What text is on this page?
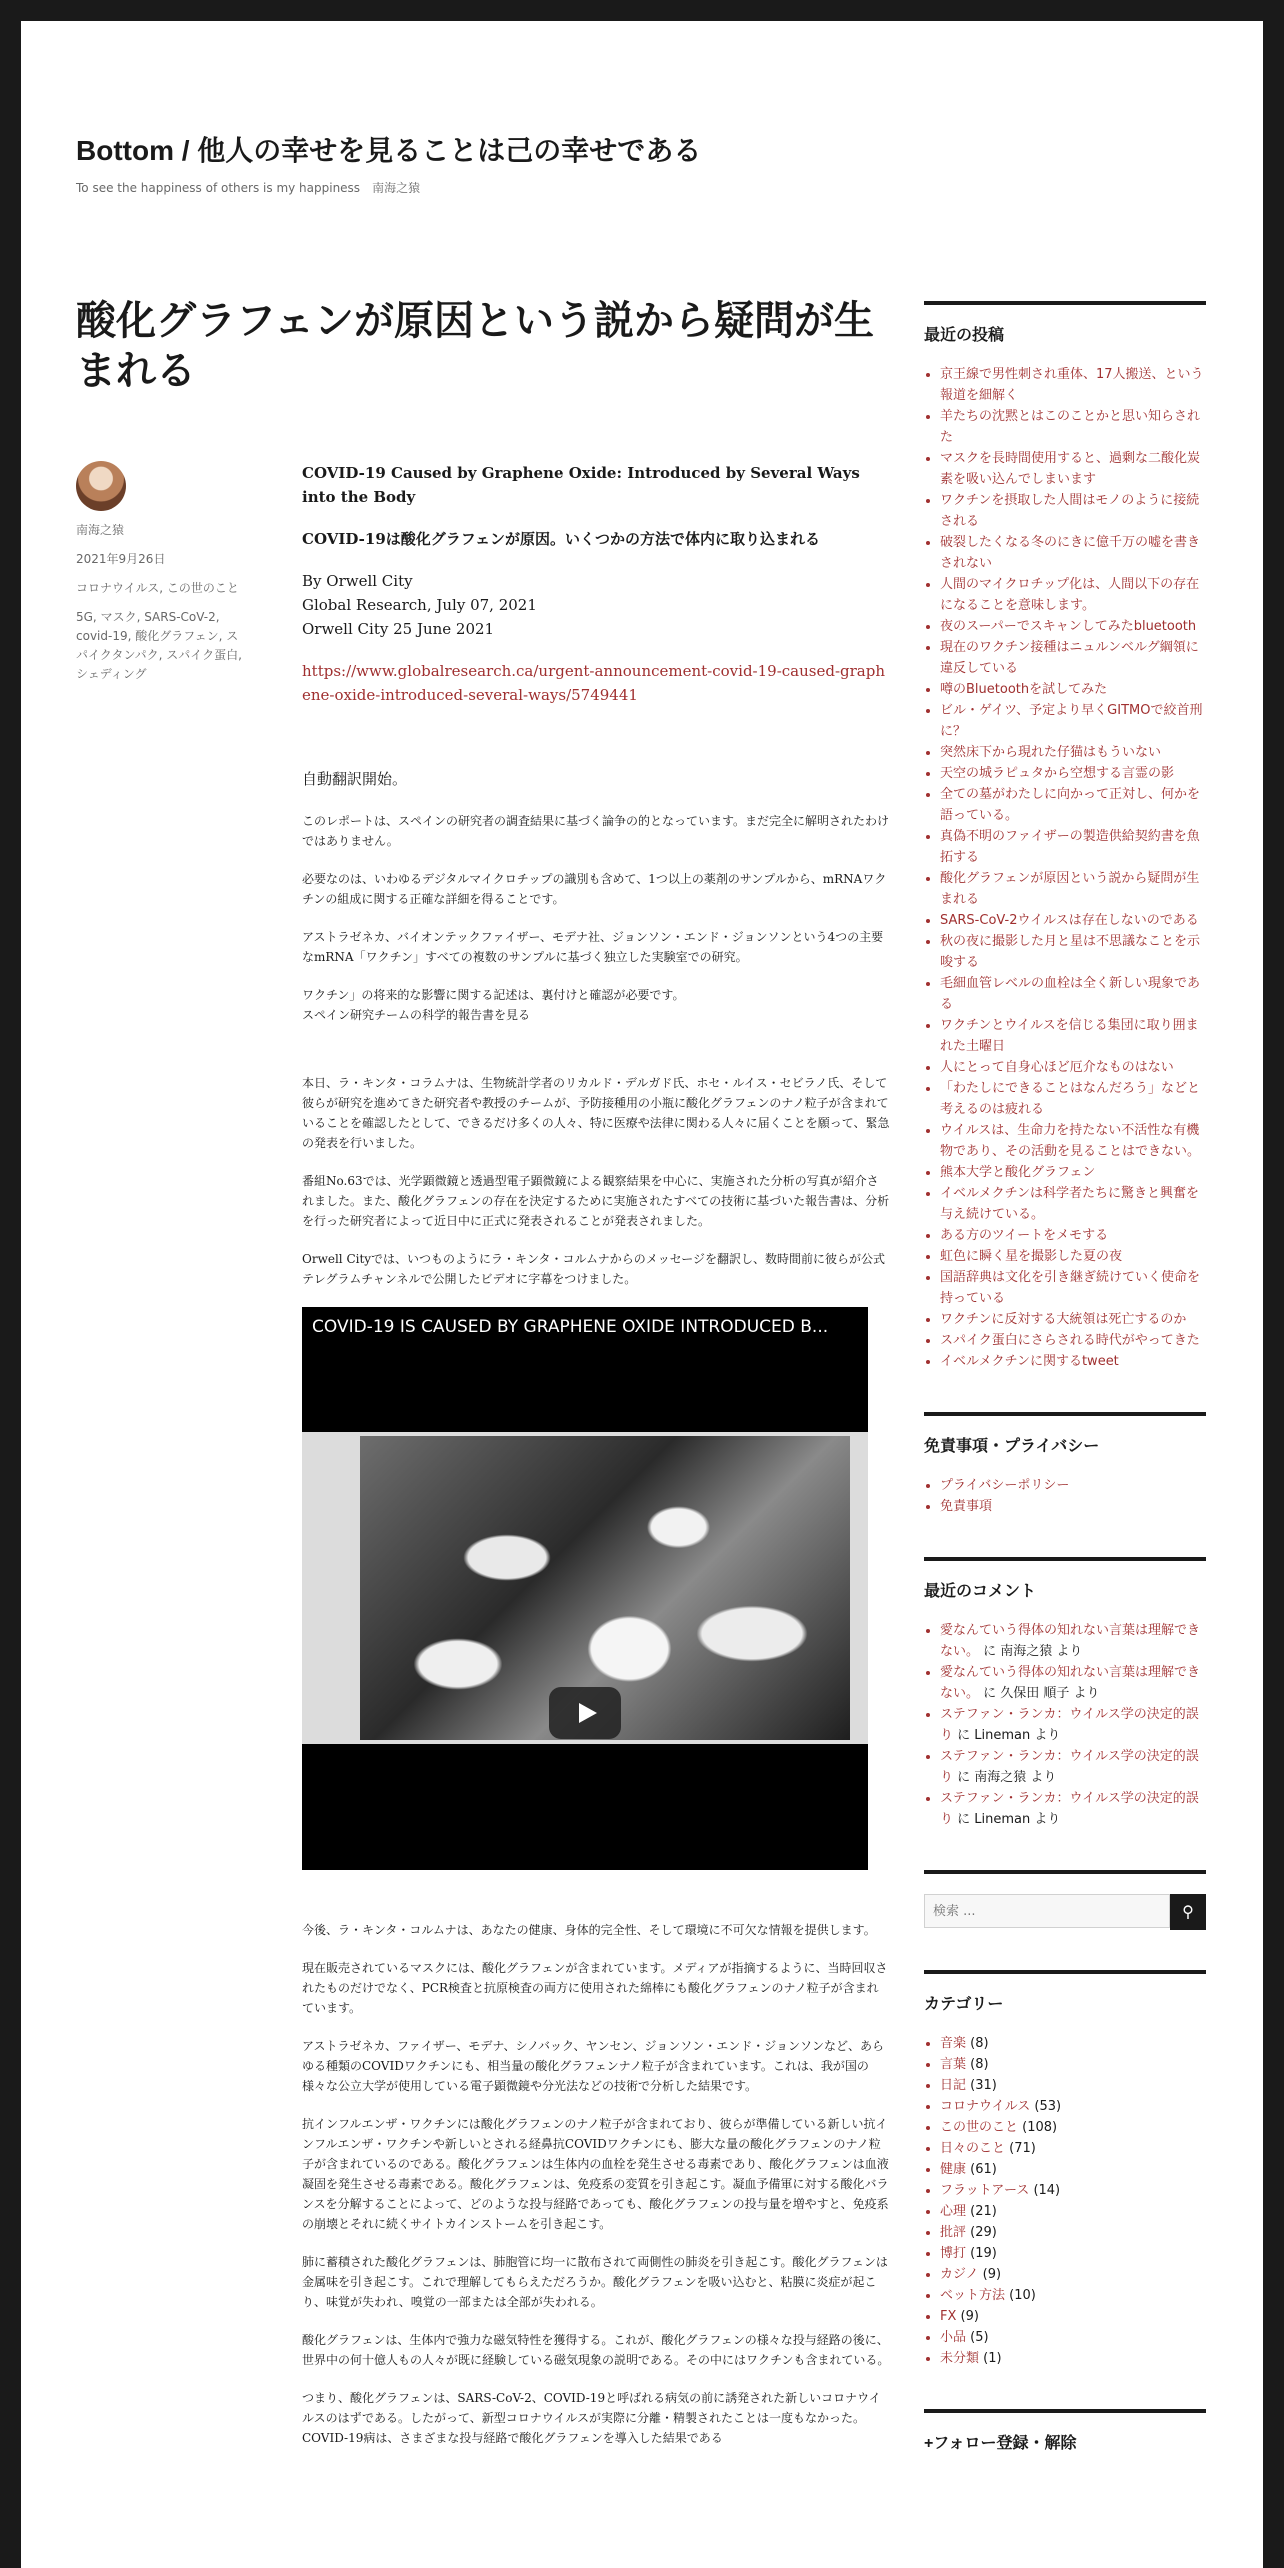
Bottom / 他人の幸せを見ることは己の幸せである
To see the happiness of others is my happiness　南海之猿
酸化グラフェンが原因という説から疑問が生まれる
南海之猿
2021年9月26日
コロナウイルス, この世のこと
5G, マスク, SARS-CoV-2, covid-19, 酸化グラフェン, スパイクタンパク, スパイク蛋白, シェディング

COVID-19 Caused by Graphene Oxide: Introduced by Several Ways into the Body

COVID-19は酸化グラフェンが原因。いくつかの方法で体内に取り込まれる

By Orwell City
Global Research, July 07, 2021
Orwell City 25 June 2021

https://www.globalresearch.ca/urgent-announcement-covid-19-caused-graphene-oxide-introduced-several-ways/5749441

自動翻訳開始。

このレポートは、スペインの研究者の調査結果に基づく論争の的となっています。まだ完全に解明されたわけではありません。

必要なのは、いわゆるデジタルマイクロチップの識別も含めて、1つ以上の薬剤のサンプルから、mRNAワクチンの組成に関する正確な詳細を得ることです。

アストラゼネカ、バイオンテックファイザー、モデナ社、ジョンソン・エンド・ジョンソンという4つの主要なmRNA「ワクチン」すべての複数のサンプルに基づく独立した実験室での研究。

ワクチン」の将来的な影響に関する記述は、裏付けと確認が必要です。
スペイン研究チームの科学的報告書を見る

本日、ラ・キンタ・コラムナは、生物統計学者のリカルド・デルガド氏、ホセ・ルイス・セビラノ氏、そして彼らが研究を進めてきた研究者や教授のチームが、予防接種用の小瓶に酸化グラフェンのナノ粒子が含まれていることを確認したとして、できるだけ多くの人々、特に医療や法律に関わる人々に届くことを願って、緊急の発表を行いました。

番組No.63では、光学顕微鏡と透過型電子顕微鏡による観察結果を中心に、実施された分析の写真が紹介されました。また、酸化グラフェンの存在を決定するために実施されたすべての技術に基づいた報告書は、分析を行った研究者によって近日中に正式に発表されることが発表されました。

Orwell Cityでは、いつものようにラ・キンタ・コルムナからのメッセージを翻訳し、数時間前に彼らが公式テレグラムチャンネルで公開したビデオに字幕をつけました。

COVID-19 IS CAUSED BY GRAPHENE OXIDE INTRODUCED B...

今後、ラ・キンタ・コルムナは、あなたの健康、身体的完全性、そして環境に不可欠な情報を提供します。

現在販売されているマスクには、酸化グラフェンが含まれています。メディアが指摘するように、当時回収されたものだけでなく、PCR検査と抗原検査の両方に使用された綿棒にも酸化グラフェンのナノ粒子が含まれています。

アストラゼネカ、ファイザー、モデナ、シノバック、ヤンセン、ジョンソン・エンド・ジョンソンなど、あらゆる種類のCOVIDワクチンにも、相当量の酸化グラフェンナノ粒子が含まれています。これは、我が国の様々な公立大学が使用している電子顕微鏡や分光法などの技術で分析した結果です。

抗インフルエンザ・ワクチンには酸化グラフェンのナノ粒子が含まれており、彼らが準備している新しい抗インフルエンザ・ワクチンや新しいとされる経鼻抗COVIDワクチンにも、膨大な量の酸化グラフェンのナノ粒子が含まれているのである。酸化グラフェンは生体内の血栓を発生させる毒素であり、酸化グラフェンは血液凝固を発生させる毒素である。酸化グラフェンは、免疫系の変質を引き起こす。凝血予備軍に対する酸化バランスを分解することによって、どのような投与経路であっても、酸化グラフェンの投与量を増やすと、免疫系の崩壊とそれに続くサイトカインストームを引き起こす。

肺に蓄積された酸化グラフェンは、肺胞管に均一に散布されて両側性の肺炎を引き起こす。酸化グラフェンは金属味を引き起こす。これで理解してもらえただろうか。酸化グラフェンを吸い込むと、粘膜に炎症が起こり、味覚が失われ、嗅覚の一部または全部が失われる。

酸化グラフェンは、生体内で強力な磁気特性を獲得する。これが、酸化グラフェンの様々な投与経路の後に、世界中の何十億人もの人々が既に経験している磁気現象の説明である。その中にはワクチンも含まれている。

つまり、酸化グラフェンは、SARS-CoV-2、COVID-19と呼ばれる病気の前に誘発された新しいコロナウイルスのはずである。したがって、新型コロナウイルスが実際に分離・精製されたことは一度もなかった。COVID-19病は、さまざまな投与経路で酸化グラフェンを導入した結果である

最近の投稿
• 京王線で男性刺され重体、17人搬送、という報道を細解く
• 羊たちの沈黙とはこのことかと思い知らされた
• マスクを長時間使用すると、過剰な二酸化炭素を吸い込んでしまいます
• ワクチンを摂取した人間はモノのように接続される
• 破裂したくなる冬のにきに億千万の嘘を書きされない
• 人間のマイクロチップ化は、人間以下の存在になることを意味します。
• 夜のスーパーでスキャンしてみたbluetooth
• 現在のワクチン接種はニュルンベルグ綱領に違反している
• 噂のBluetoothを試してみた
• ビル・ゲイツ、予定より早くGITMOで絞首刑に？
• 突然床下から現れた仔猫はもういない
• 天空の城ラピュタから空想する言霊の影
• 全ての墓がわたしに向かって正対し、何かを語っている。
• 真偽不明のファイザーの製造供給契約書を魚拓する
• 酸化グラフェンが原因という説から疑問が生まれる
• SARS-CoV-2ウイルスは存在しないのである
• 秋の夜に撮影した月と星は不思議なことを示唆する
• 毛細血管レベルの血栓は全く新しい現象である
• ワクチンとウイルスを信じる集団に取り囲まれた土曜日
• 人にとって自身心ほど厄介なものはない
• 「わたしにできることはなんだろう」などと考えるのは疲れる
• ウイルスは、生命力を持たない不活性な有機物であり、その活動を見ることはできない。
• 熊本大学と酸化グラフェン
• イベルメクチンは科学者たちに驚きと興奮を与え続けている。
• ある方のツイートをメモする
• 虹色に瞬く星を撮影した夏の夜
• 国語辞典は文化を引き継ぎ続けていく使命を持っている
• ワクチンに反対する大統領は死亡するのか
• スパイク蛋白にさらされる時代がやってきた
• イベルメクチンに関するtweet
免責事項・プライバシー
• プライバシーポリシー
• 免責事項
最近のコメント
• 愛なんていう得体の知れない言葉は理解できない。 に 南海之猿 より
• 愛なんていう得体の知れない言葉は理解できない。 に 久保田 順子 より
• ステファン・ランカ：ウイルス学の決定的誤り に Lineman より
• ステファン・ランカ：ウイルス学の決定的誤り に 南海之猿 より
• ステファン・ランカ：ウイルス学の決定的誤り に Lineman より
検索 ...
⚲
カテゴリー
• 音楽 (8)
• 言葉 (8)
• 日記 (31)
• コロナウイルス (53)
• この世のこと (108)
• 日々のこと (71)
• 健康 (61)
• フラットアース (14)
• 心理 (21)
• 批評 (29)
• 博打 (19)
• カジノ (9)
• ベット方法 (10)
• FX (9)
• 小品 (5)
• 未分類 (1)
+フォロー登録・解除
